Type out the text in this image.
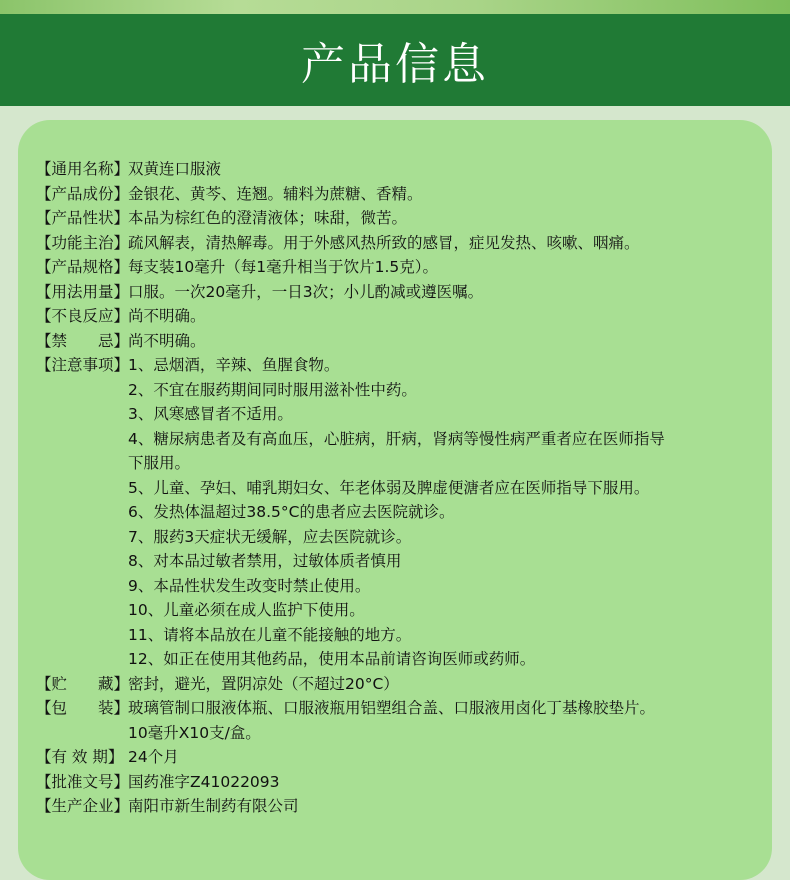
产品信息
【通用名称】
双黄连口服液
【产品成份】
金银花、黄芩、连翘。辅料为蔗糖、香精。
【产品性状】
本品为棕红色的澄清液体；味甜，微苦。
【功能主治】
疏风解表，清热解毒。用于外感风热所致的感冒，症见发热、咳嗽、咽痛。
【产品规格】
每支装10毫升（每1毫升相当于饮片1.5克）。
【用法用量】
口服。一次20毫升，一日3次；小儿酌减或遵医嘱。
【不良反应】
尚不明确。
【禁　　忌】
尚不明确。
【注意事项】
1、忌烟酒，辛辣、鱼腥食物。
2、不宜在服药期间同时服用滋补性中药。
3、风寒感冒者不适用。
4、糖尿病患者及有高血压，心脏病，肝病，肾病等慢性病严重者应在医师指导
下服用。
5、儿童、孕妇、哺乳期妇女、年老体弱及脾虚便溏者应在医师指导下服用。
6、发热体温超过38.5°C的患者应去医院就诊。
7、服药3天症状无缓解，应去医院就诊。
8、对本品过敏者禁用，过敏体质者慎用
9、本品性状发生改变时禁止使用。
10、儿童必须在成人监护下使用。
11、请将本品放在儿童不能接触的地方。
12、如正在使用其他药品，使用本品前请咨询医师或药师。
【贮　　藏】
密封，避光，置阴凉处（不超过20°C）
【包　　装】
玻璃管制口服液体瓶、口服液瓶用铝塑组合盖、口服液用卤化丁基橡胶垫片。
10毫升X10支/盒。
【有 效 期】 24个月
【批准文号】
国药准字Z41022093
【生产企业】
南阳市新生制药有限公司
